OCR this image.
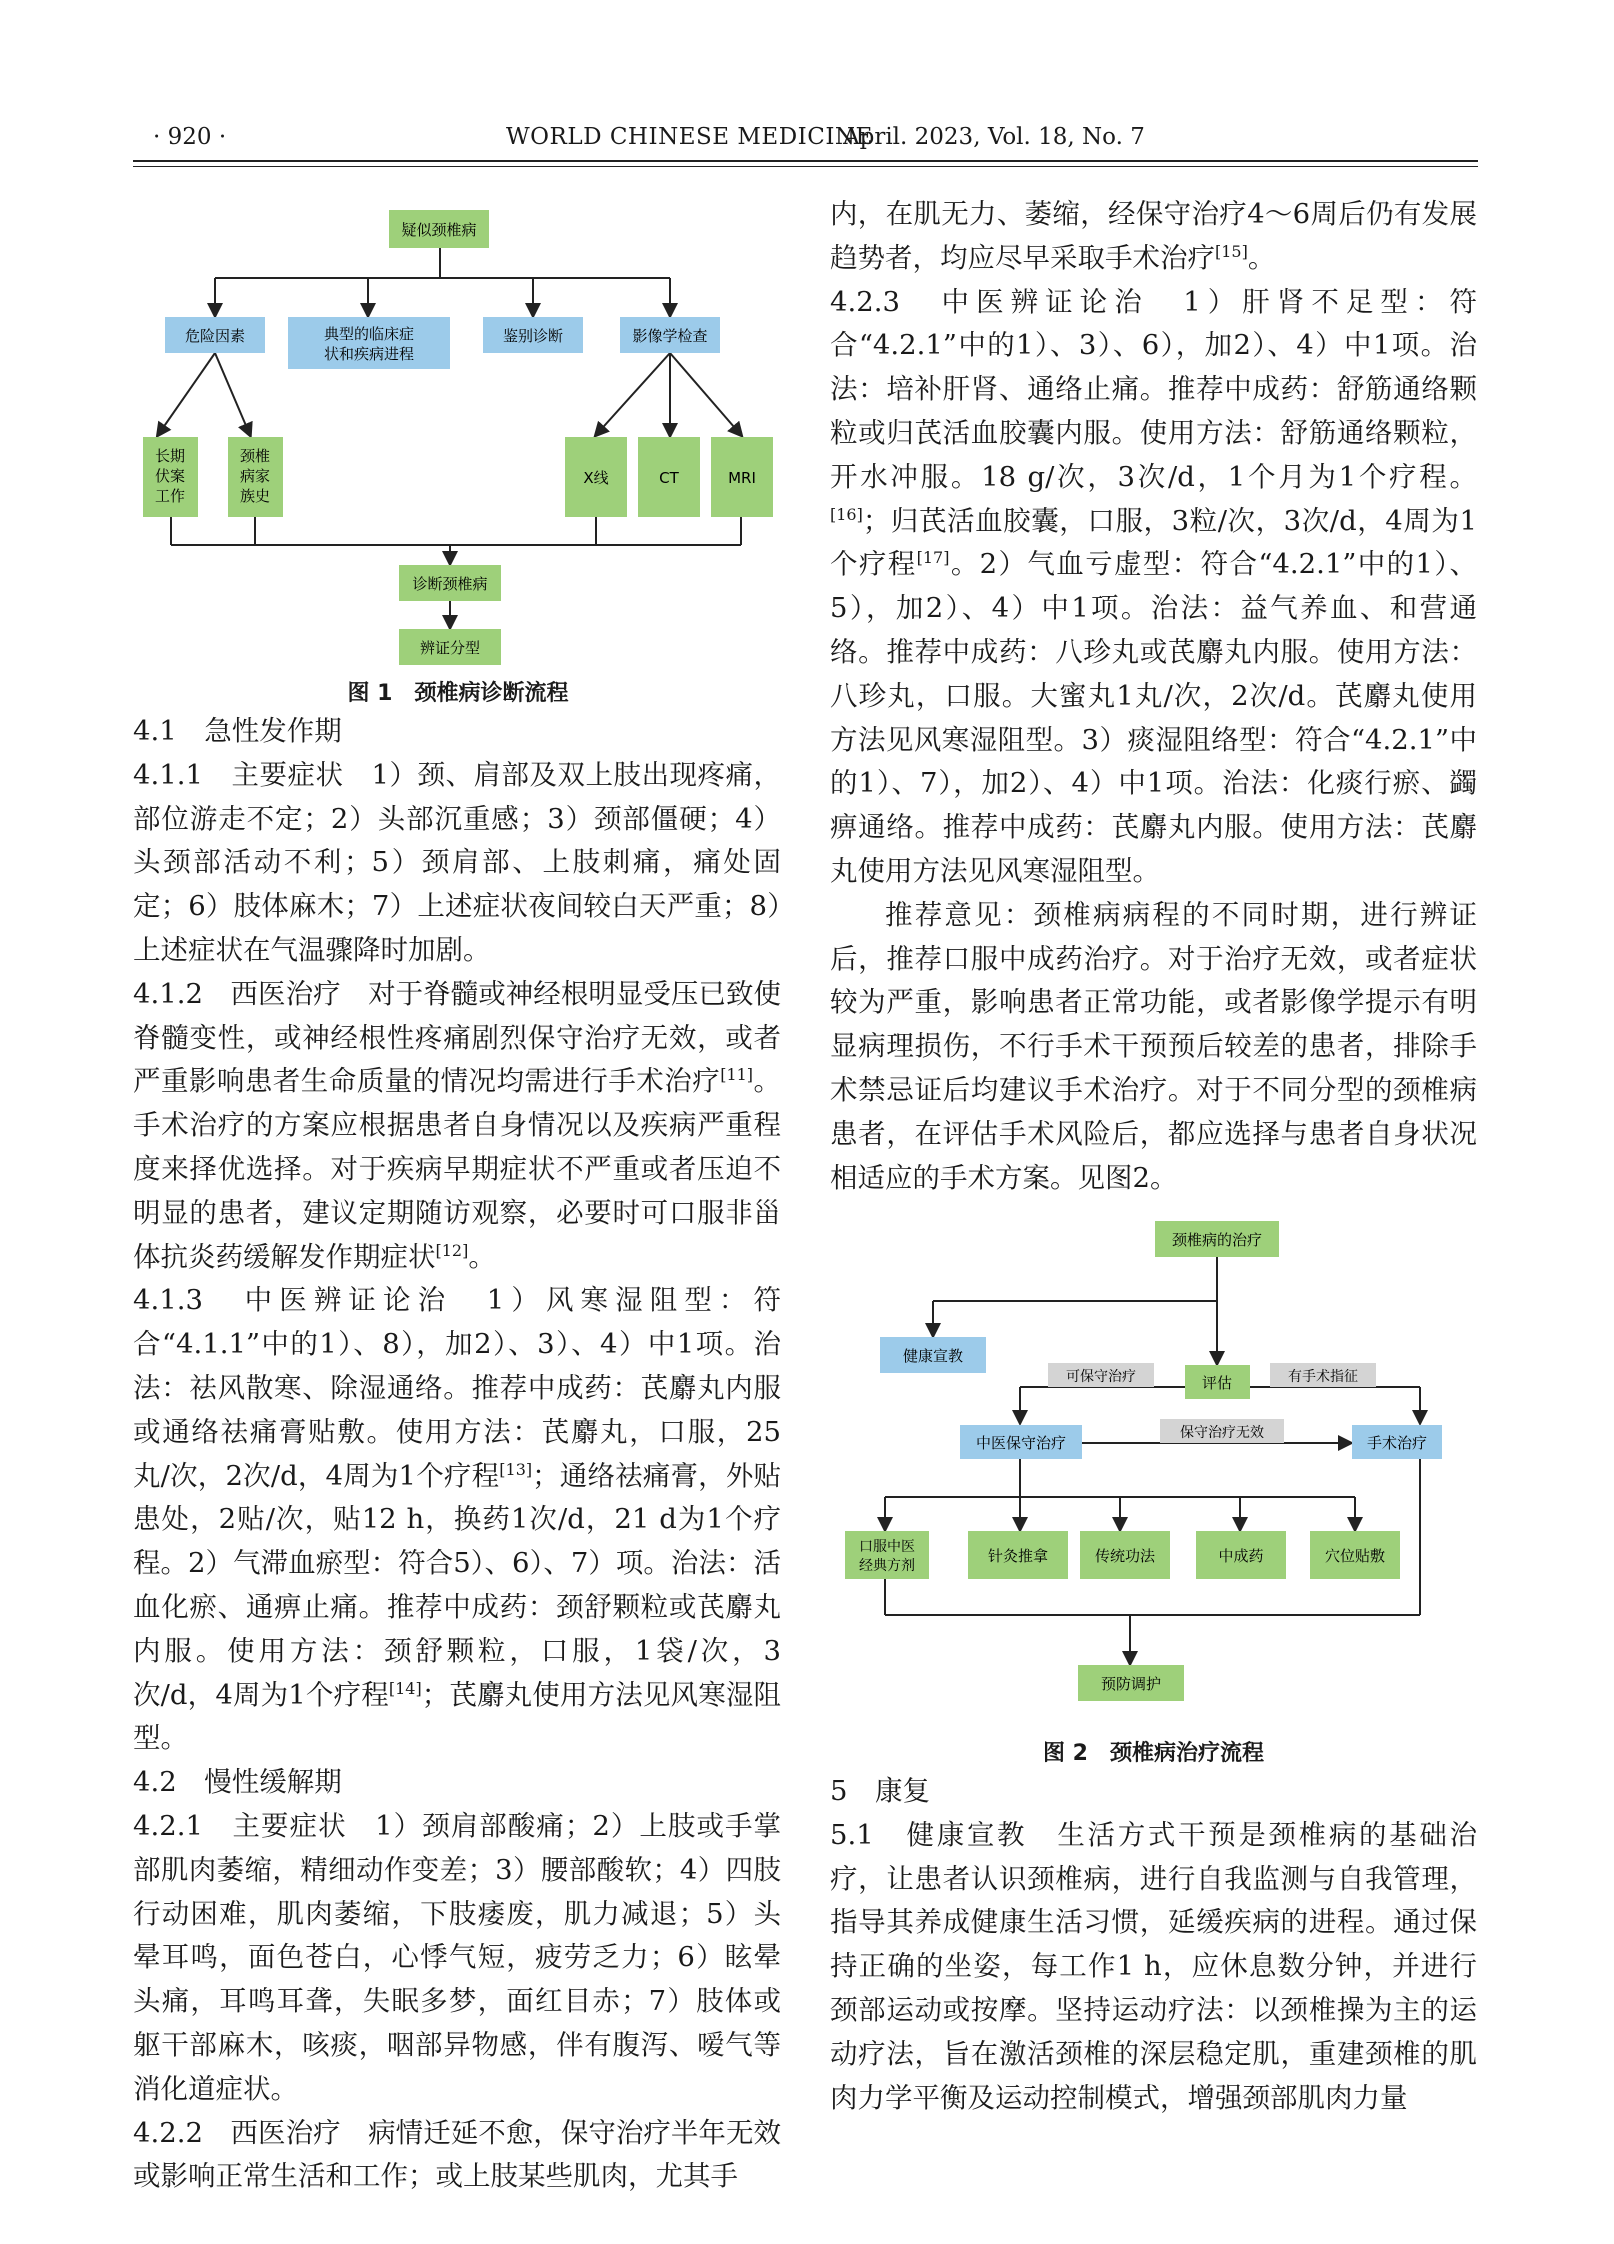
· 920 ·	WORLD CHINESE MEDICINE
April. 2023, Vol. 18, No. 7
疑似颈椎病
危险因素	典型的临床症
状和疾病进程
鉴别诊断	影像学检查
长期
伏案
工作
颈椎
病家
族史
X线	CT	MRI
诊断颈椎病
辨证分型
图 1　颈椎病诊断流程

4.1　急性发作期

4.1.1　主要症状　1）颈、肩部及双上肢出现疼痛，部位游走不定；2）头部沉重感；3）颈部僵硬；4）头颈部活动不利；5）颈肩部、上肢刺痛，痛处固定；6）肢体麻木；7）上述症状夜间较白天严重；8）上述症状在气温骤降时加剧。

4.1.2　西医治疗　对于脊髓或神经根明显受压已致使脊髓变性，或神经根性疼痛剧烈保守治疗无效，或者严重影响患者生命质量的情况均需进行手术治疗[11]。手术治疗的方案应根据患者自身情况以及疾病严重程度来择优选择。对于疾病早期症状不严重或者压迫不明显的患者，建议定期随访观察，必要时可口服非甾体抗炎药缓解发作期症状[12]。

4.1.3　中医辨证论治　1）风寒湿阻型：符合“4.1.1”中的1）、8），加2）、3）、4）中1项。治法：祛风散寒、除湿通络。推荐中成药：芪麝丸内服或通络祛痛膏贴敷。使用方法：芪麝丸，口服，25丸/次，2次/d，4周为1个疗程[13]；通络祛痛膏，外贴患处，2贴/次，贴12 h，换药1次/d，21 d为1个疗程。2）气滞血瘀型：符合5）、6）、7）项。治法：活血化瘀、通痹止痛。推荐中成药：颈舒颗粒或芪麝丸内服。使用方法：颈舒颗粒，口服，1袋/次，3次/d，4周为1个疗程[14]；芪麝丸使用方法见风寒湿阻型。

4.2　慢性缓解期

4.2.1　主要症状　1）颈肩部酸痛；2）上肢或手掌部肌肉萎缩，精细动作变差；3）腰部酸软；4）四肢行动困难，肌肉萎缩，下肢痿废，肌力减退；5）头晕耳鸣，面色苍白，心悸气短，疲劳乏力；6）眩晕头痛，耳鸣耳聋，失眠多梦，面红目赤；7）肢体或躯干部麻木，咳痰，咽部异物感，伴有腹泻、嗳气等消化道症状。

4.2.2　西医治疗　病情迁延不愈，保守治疗半年无效或影响正常生活和工作；或上肢某些肌肉，尤其手

内，在肌无力、萎缩，经保守治疗4～6周后仍有发展趋势者，均应尽早采取手术治疗[15]。

4.2.3　中医辨证论治　1）肝肾不足型：符合“4.2.1”中的1）、3）、6），加2）、4）中1项。治法：培补肝肾、通络止痛。推荐中成药：舒筋通络颗粒或归芪活血胶囊内服。使用方法：舒筋通络颗粒，开水冲服。18 g/次，3次/d，1个月为1个疗程。[16]；归芪活血胶囊，口服，3粒/次，3次/d，4周为1个疗程[17]。2）气血亏虚型：符合“4.2.1”中的1）、5），加2）、4）中1项。治法：益气养血、和营通络。推荐中成药：八珍丸或芪麝丸内服。使用方法：八珍丸，口服。大蜜丸1丸/次，2次/d。芪麝丸使用方法见风寒湿阻型。3）痰湿阻络型：符合“4.2.1”中的1）、7），加2）、4）中1项。治法：化痰行瘀、蠲痹通络。推荐中成药：芪麝丸内服。使用方法：芪麝丸使用方法见风寒湿阻型。

推荐意见：颈椎病病程的不同时期，进行辨证后，推荐口服中成药治疗。对于治疗无效，或者症状较为严重，影响患者正常功能，或者影像学提示有明显病理损伤，不行手术干预预后较差的患者，排除手术禁忌证后均建议手术治疗。对于不同分型的颈椎病患者，在评估手术风险后，都应选择与患者自身状况相适应的手术方案。见图2。

颈椎病的治疗
健康宣教
可保守治疗	评估	有手术指征
中医保守治疗
保守治疗无效
手术治疗
口服中医
经典方剂
针灸推拿	传统功法	中成药	穴位贴敷
预防调护
图 2　颈椎病治疗流程

5　康复

5.1　健康宣教　生活方式干预是颈椎病的基础治疗，让患者认识颈椎病，进行自我监测与自我管理，指导其养成健康生活习惯，延缓疾病的进程。通过保持正确的坐姿，每工作1 h，应休息数分钟，并进行颈部运动或按摩。坚持运动疗法：以颈椎操为主的运动疗法，旨在激活颈椎的深层稳定肌，重建颈椎的肌肉力学平衡及运动控制模式，增强颈部肌肉力量
